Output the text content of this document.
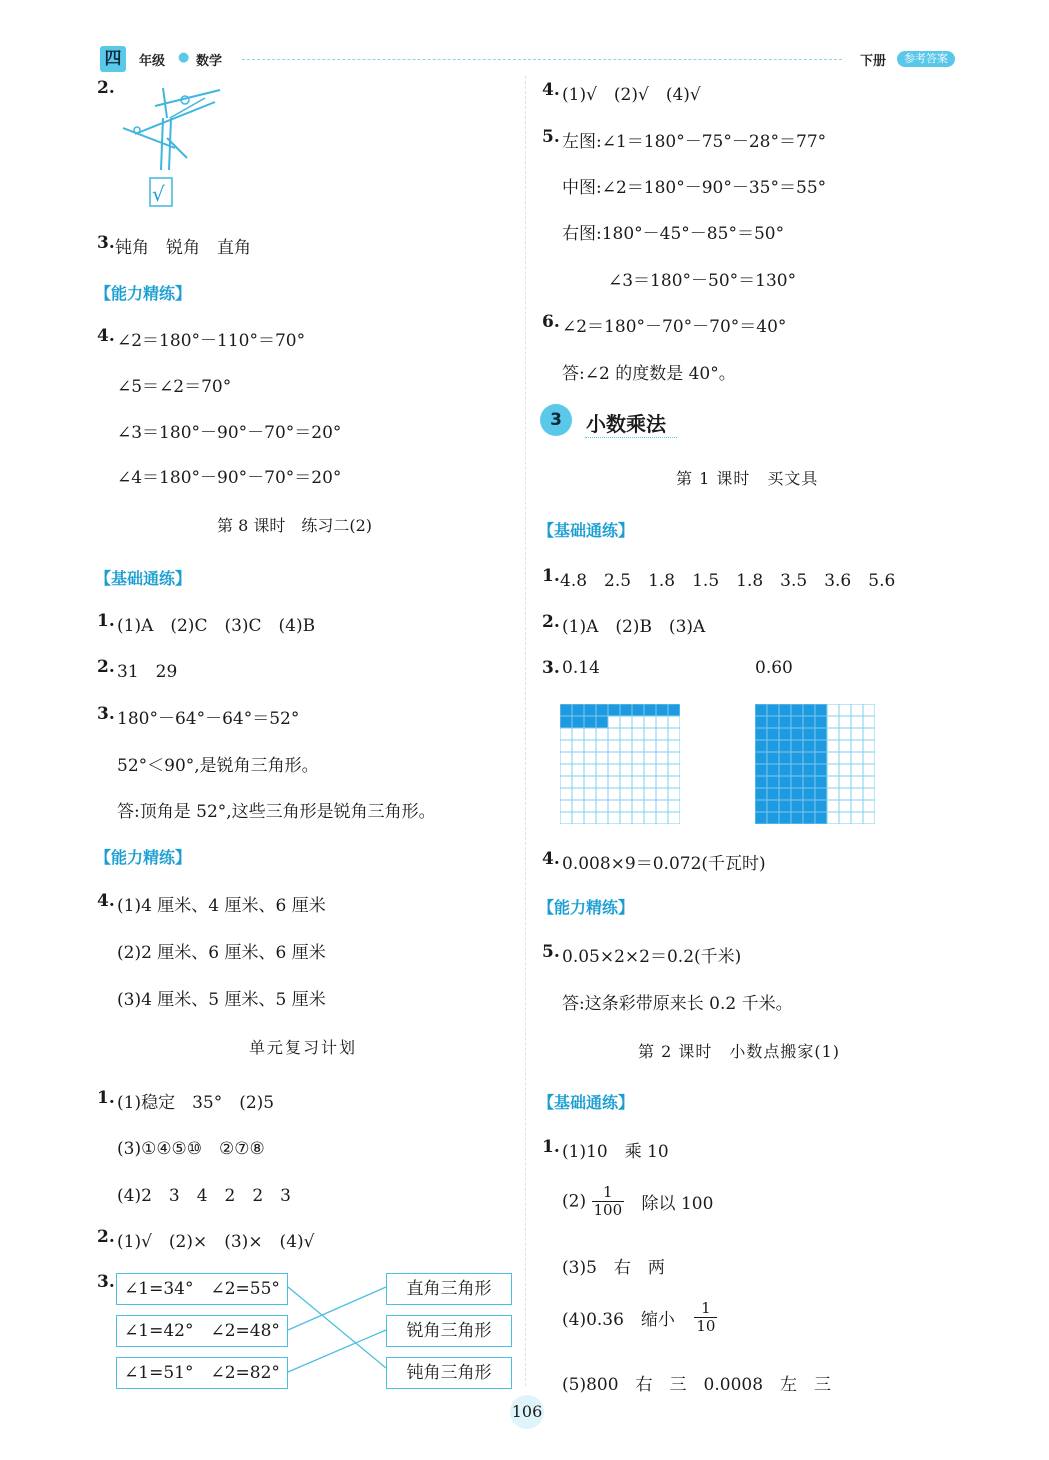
四	年级 ● 数学	下册	参考答案
2.
√
3. 钝角　锐角　直角
【能力精练】
4. ∠2＝180°－110°＝70°
∠5＝∠2＝70°
∠3＝180°－90°－70°＝20°
∠4＝180°－90°－70°＝20°
第 8 课时　练习二(2)
【基础通练】
1. (1)A　(2)C　(3)C　(4)B
2. 31　29
3. 180°－64°－64°＝52°
52°＜90°,是锐角三角形。
答:顶角是 52°,这些三角形是锐角三角形。
【能力精练】
4. (1)4 厘米、4 厘米、6 厘米
(2)2 厘米、6 厘米、6 厘米
(3)4 厘米、5 厘米、5 厘米
单元复习计划
1. (1)稳定　35°　(2)5
(3)①④⑤⑩　②⑦⑧
(4)2　3　4　2　2　3
2. (1)√　(2)×　(3)×　(4)√
3. ∠1=34°　∠2=55°
∠1=42°　∠2=48°
∠1=51°　∠2=82°
直角三角形
锐角三角形
钝角三角形
4. (1)√　(2)√　(4)√
5. 左图:∠1＝180°－75°－28°＝77°
中图:∠2＝180°－90°－35°＝55°
右图:180°－45°－85°＝50°
∠3＝180°－50°＝130°
6. ∠2＝180°－70°－70°＝40°
答:∠2 的度数是 40°。
3	小数乘法
第 1 课时　买文具
【基础通练】
1. 4.8　2.5　1.8　1.5　1.8　3.5　3.6　5.6
2. (1)A　(2)B　(3)A
3. 0.14	0.60
4. 0.008×9＝0.072(千瓦时)
【能力精练】
5. 0.05×2×2＝0.2(千米)
答:这条彩带原来长 0.2 千米。
第 2 课时　小数点搬家(1)
【基础通练】
1. (1)10　乘 10
$(2) \frac{1}{100}$ 除以 100
(3)5　右　两
(4)0.36　缩小 $\frac{1}{10}$
(5)800　右　三　0.0008　左　三
106
